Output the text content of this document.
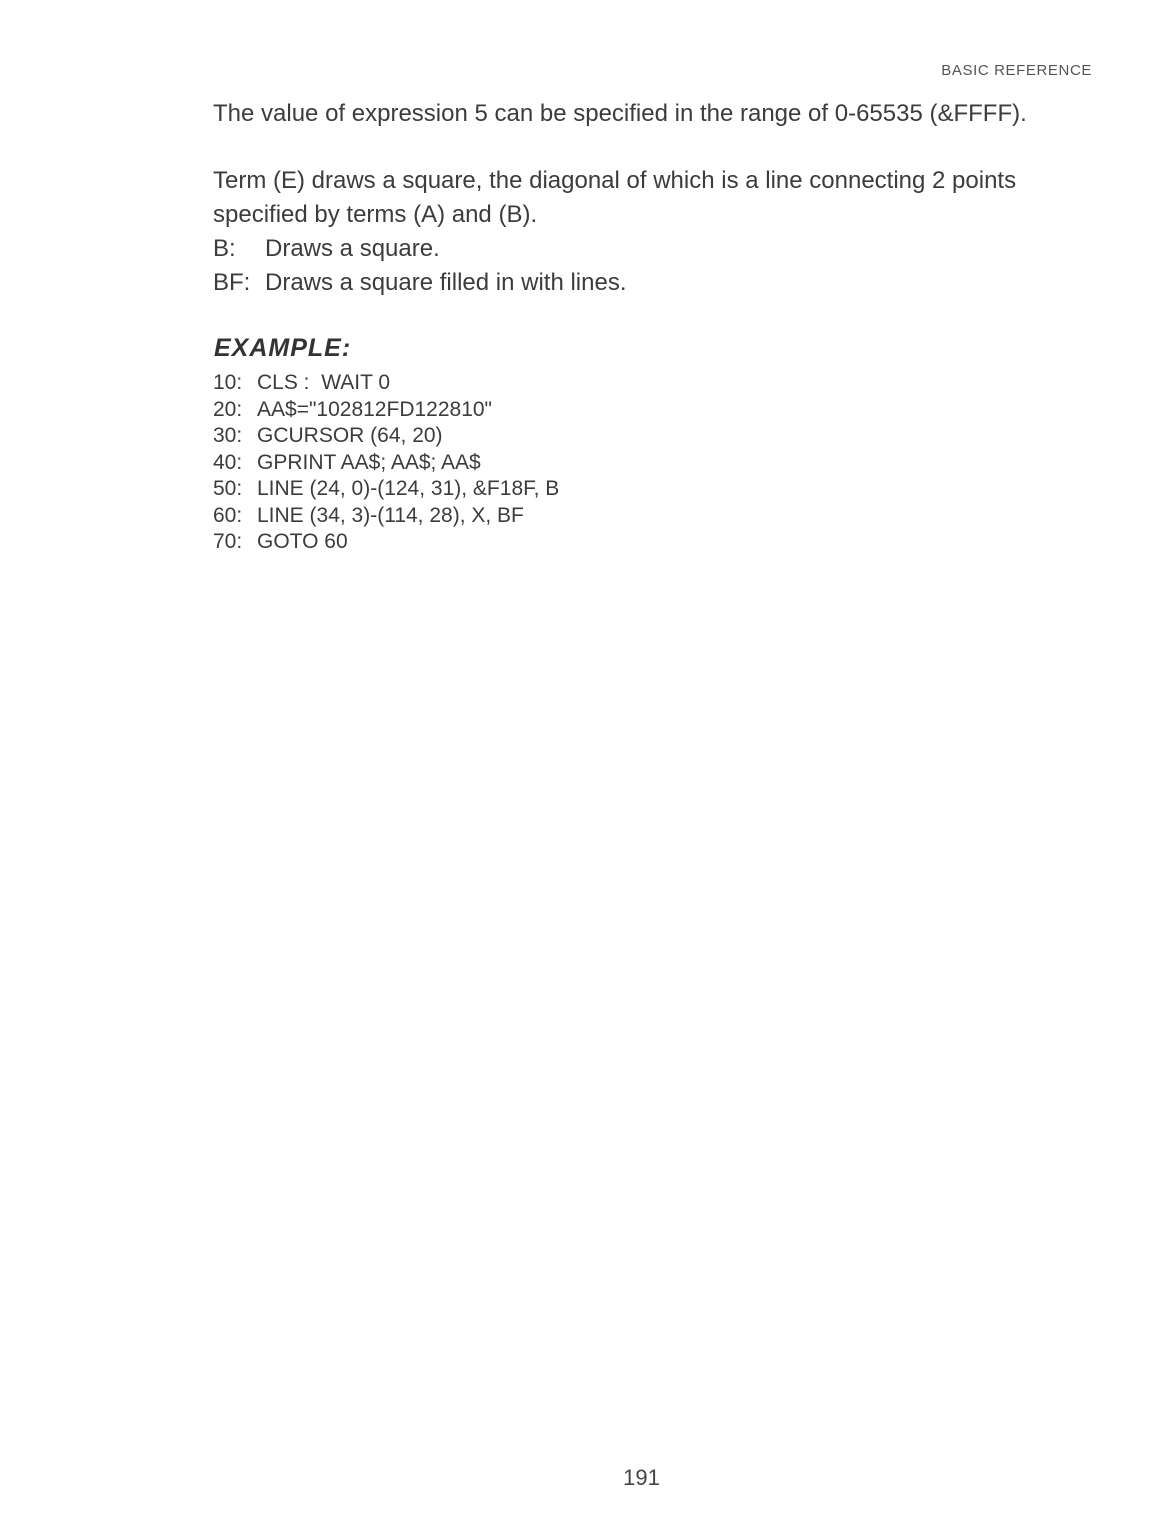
BASIC REFERENCE

The value of expression 5 can be specified in the range of 0-65535 (&FFFF).

Term (E) draws a square, the diagonal of which is a line connecting 2 points specified by terms (A) and (B).

B:	Draws a square.
BF: Draws a square filled in with lines.
EXAMPLE:
10: CLS :  WAIT 0
20: AA$="102812FD122810"
30: GCURSOR (64, 20)
40: GPRINT AA$; AA$; AA$
50: LINE (24, 0)-(124, 31), &F18F, B
60: LINE (34, 3)-(114, 28), X, BF
70: GOTO 60
191
